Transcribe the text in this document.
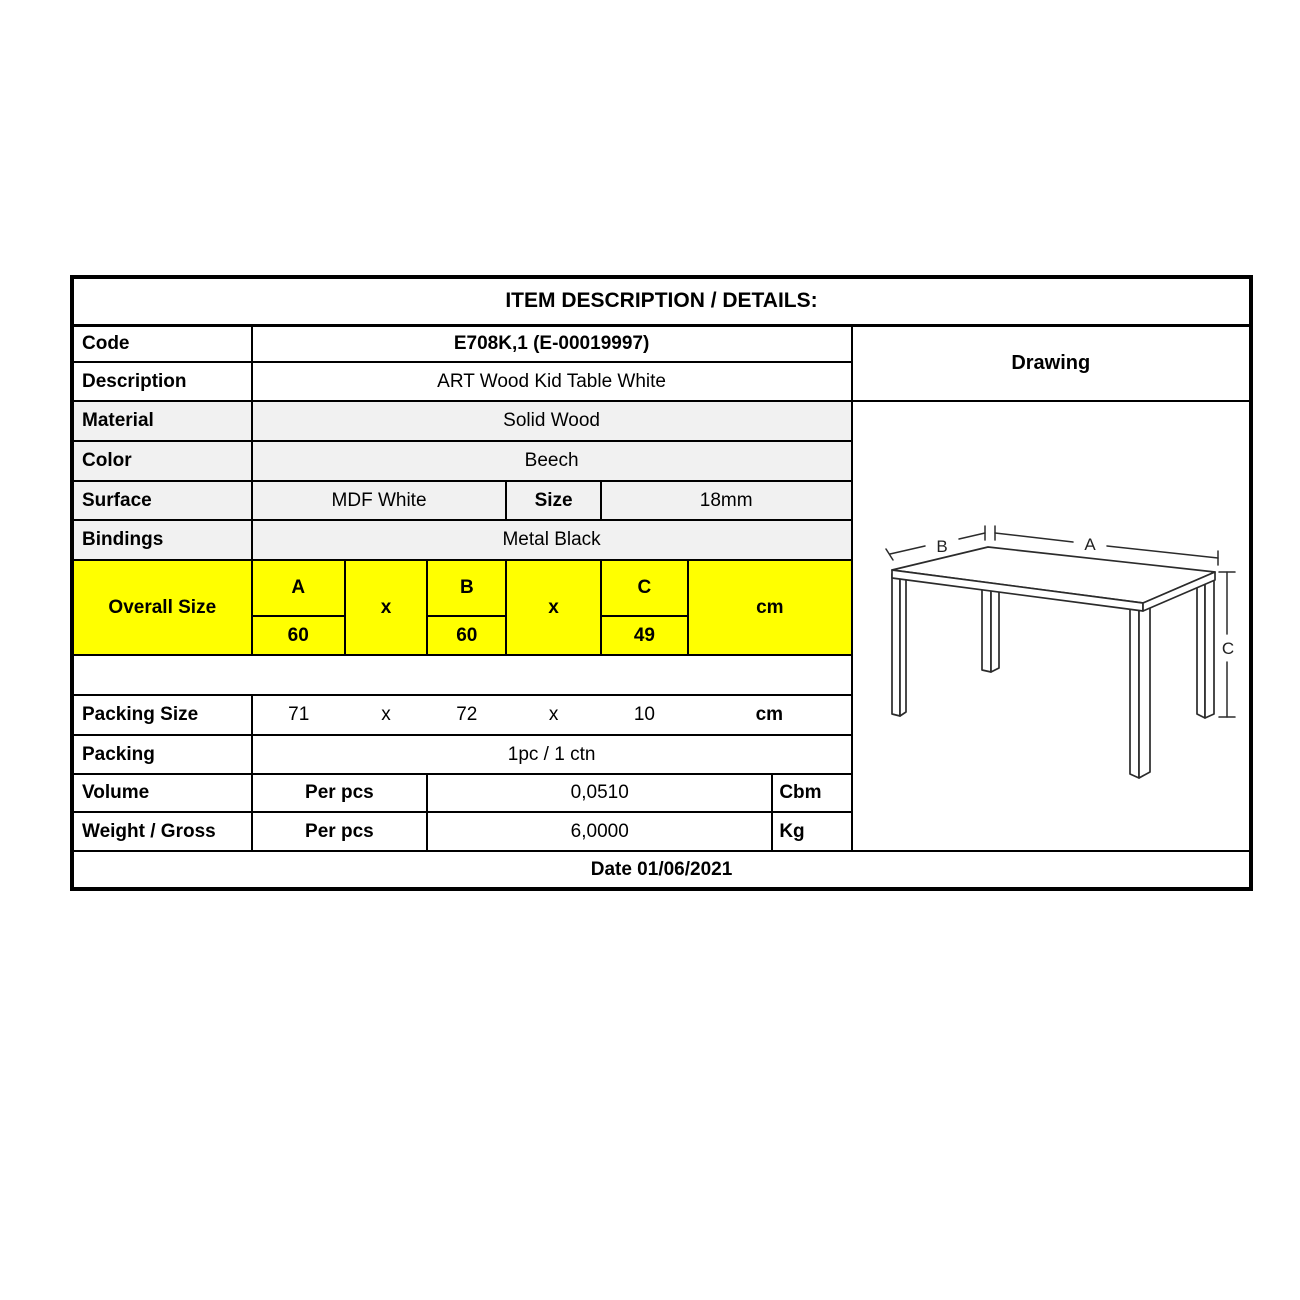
ITEM DESCRIPTION / DETAILS:								
Code	E708K,1 (E-00019997)							Drawing
Description	ART Wood Kid Table White							
Material	Solid Wood							B A
C

Color	Beech							
Surface	MDF White			Size	18mm			
Bindings	Metal Black							
Overall Size	A	x	B	x	C	cm		
	60		60		49			

Packing Size	71	x	72	x	10	cm		
Packing	1pc / 1 ctn							
Volume	Per pcs		0,0510				Cbm	
Weight / Gross	Per pcs		6,0000				Kg	
Date 01/06/2021								
